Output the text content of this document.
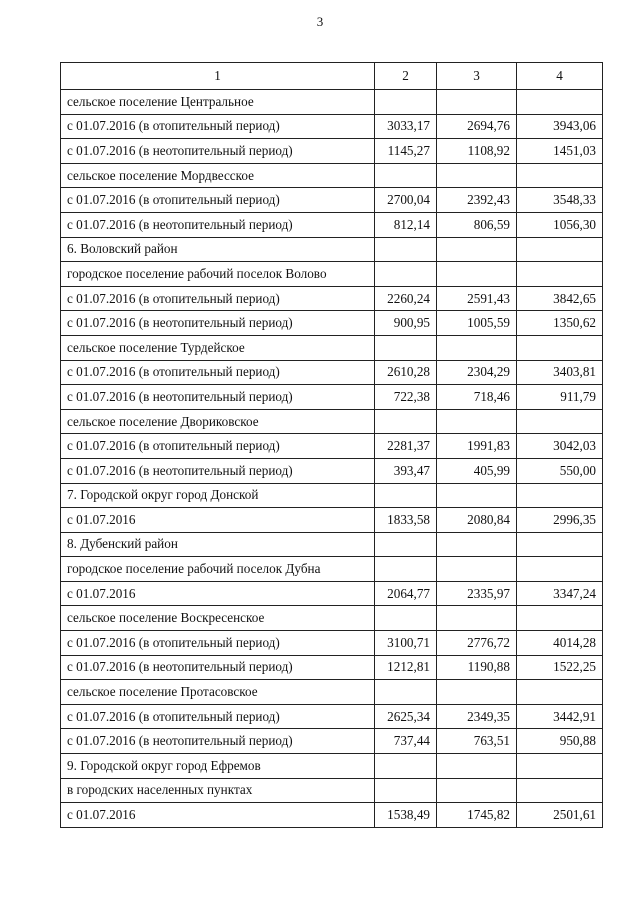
3
1	2	3	4
сельское поселение Центральное			
с 01.07.2016 (в отопительный период)	3033,17	2694,76	3943,06
с 01.07.2016 (в неотопительный период)	1145,27	1108,92	1451,03
сельское поселение Мордвесское			
с 01.07.2016 (в отопительный период)	2700,04	2392,43	3548,33
с 01.07.2016 (в неотопительный период)	812,14	806,59	1056,30
6. Воловский район			
городское поселение рабочий поселок Волово			
с 01.07.2016 (в отопительный период)	2260,24	2591,43	3842,65
с 01.07.2016 (в неотопительный период)	900,95	1005,59	1350,62
сельское поселение Турдейское			
с 01.07.2016 (в отопительный период)	2610,28	2304,29	3403,81
с 01.07.2016 (в неотопительный период)	722,38	718,46	911,79
сельское поселение Двориковское			
с 01.07.2016 (в отопительный период)	2281,37	1991,83	3042,03
с 01.07.2016 (в неотопительный период)	393,47	405,99	550,00
7. Городской округ город Донской			
с 01.07.2016	1833,58	2080,84	2996,35
8. Дубенский район			
городское поселение рабочий поселок Дубна			
с 01.07.2016	2064,77	2335,97	3347,24
сельское поселение Воскресенское			
с 01.07.2016 (в отопительный период)	3100,71	2776,72	4014,28
с 01.07.2016 (в неотопительный период)	1212,81	1190,88	1522,25
сельское поселение Протасовское			
с 01.07.2016 (в отопительный период)	2625,34	2349,35	3442,91
с 01.07.2016 (в неотопительный период)	737,44	763,51	950,88
9. Городской округ город Ефремов			
в городских населенных пунктах			
с 01.07.2016	1538,49	1745,82	2501,61
